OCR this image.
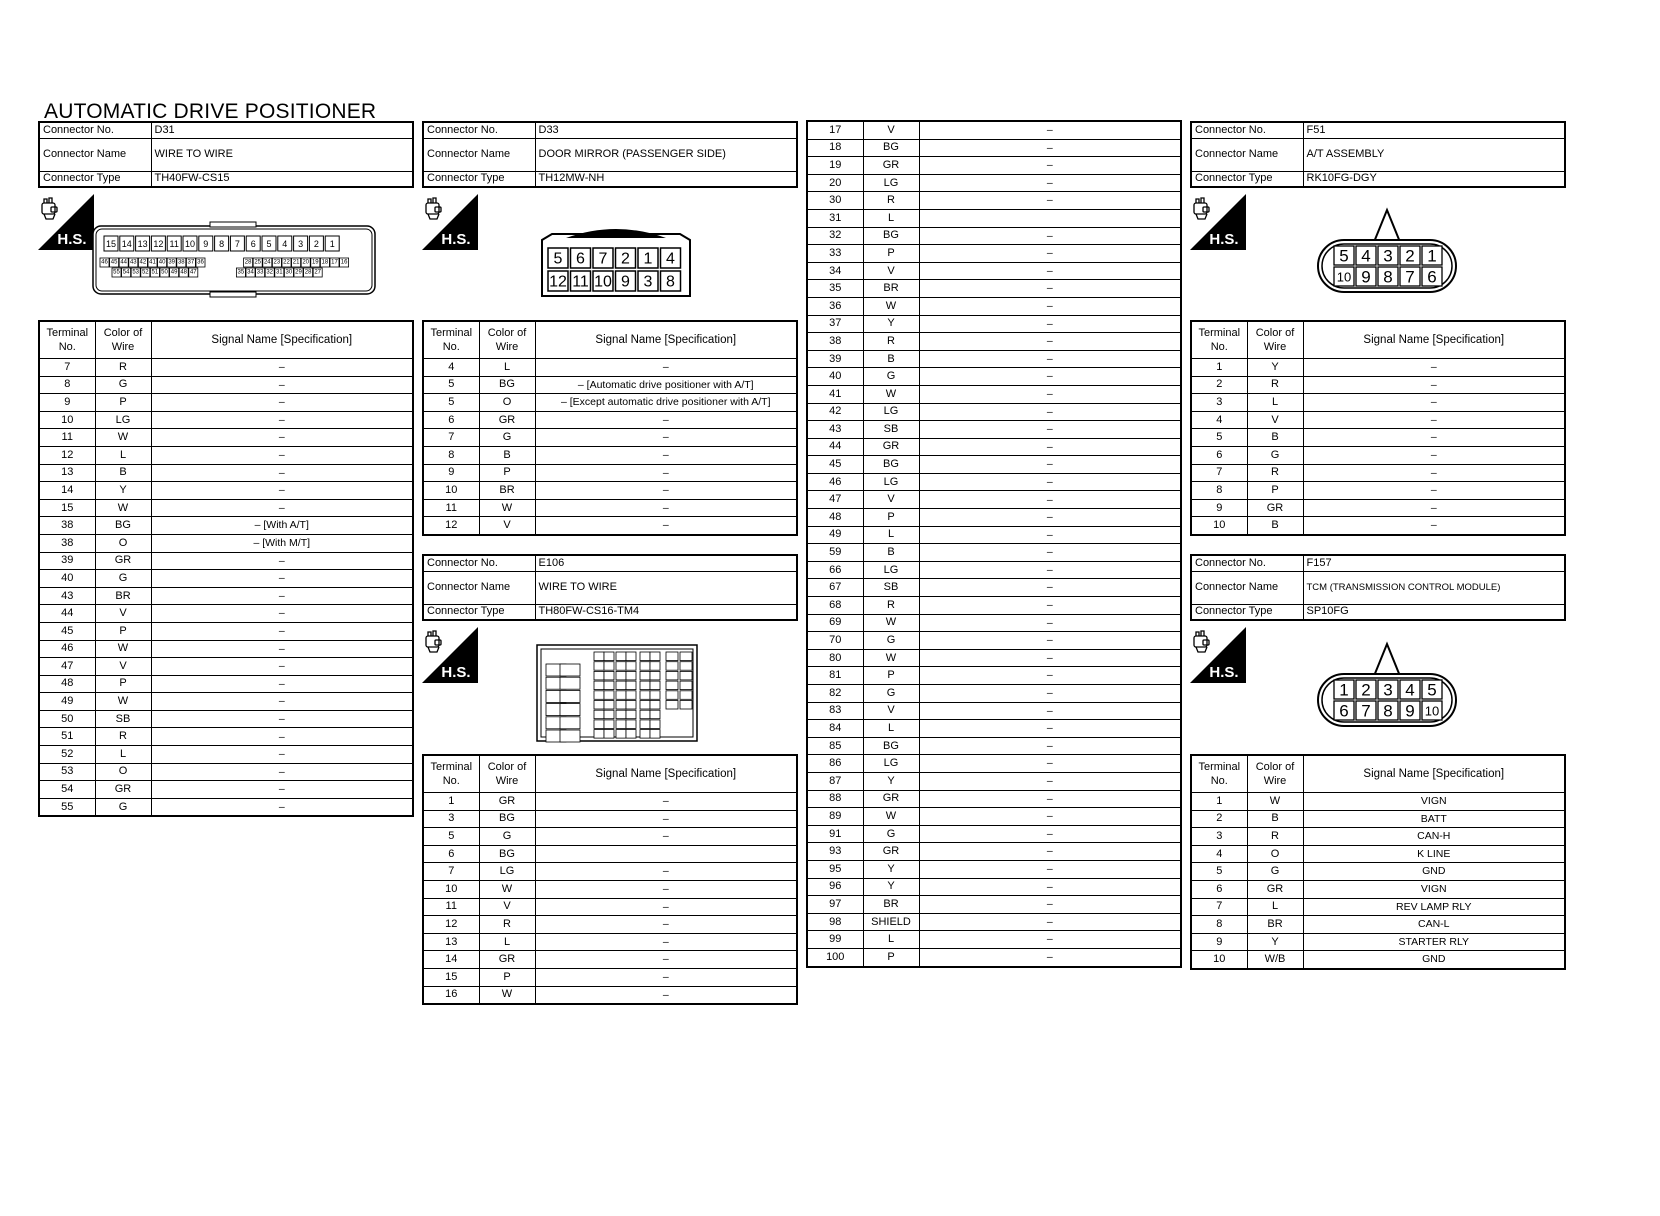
AUTOMATIC DRIVE POSITIONER
Connector No.	D31
Connector Name	WIRE TO WIRE
Connector Type	TH40FW-CS15
H.S. 15 14 13 12 11 10 9 8 7 6 5 4 3 2 1
46 45 44 43 42 41 40 39 38 37 36	28 25 24 23 22 21 20 19 18 17 16
55 54 53 52 51 50 49 48 47	35 34 33 32 31 30 29 28 27
Terminal No.	Color of Wire	Signal Name [Specification]
7	R	–
8	G	–
9	P	–
10	LG	–
11	W	–
12	L	–
13	B	–
14	Y	–
15	W	–
38	BG	– [With A/T]
38	O	– [With M/T]
39	GR	–
40	G	–
43	BR	–
44	V	–
45	P	–
46	W	–
47	V	–
48	P	–
49	W	–
50	SB	–
51	R	–
52	L	–
53	O	–
54	GR	–
55	G	–
Connector No.	D33
Connector Name	DOOR MIRROR (PASSENGER SIDE)
Connector Type	TH12MW-NH
H.S.
5 6 7 2 1 4
12 11 10 9 3 8
Terminal No.	Color of Wire	Signal Name [Specification]
4	L	–
5	BG	– [Automatic drive positioner with A/T]
5	O	– [Except automatic drive positioner with A/T]
6	GR	–
7	G	–
8	B	–
9	P	–
10	BR	–
11	W	–
12	V	–
Connector No.	E106
Connector Name	WIRE TO WIRE
Connector Type	TH80FW-CS16-TM4
H.S.
Terminal No.	Color of Wire	Signal Name [Specification]
1	GR	–
3	BG	–
5	G	–
6	BG	
7	LG	–
10	W	–
11	V	–
12	R	–
13	L	–
14	GR	–
15	P	–
16	W	–
17	V	–
18	BG	–
19	GR	–
20	LG	–
30	R	–
31	L	
32	BG	–
33	P	–
34	V	–
35	BR	–
36	W	–
37	Y	–
38	R	–
39	B	–
40	G	–
41	W	–
42	LG	–
43	SB	–
44	GR	–
45	BG	–
46	LG	–
47	V	–
48	P	–
49	L	–
59	B	–
66	LG	–
67	SB	–
68	R	–
69	W	–
70	G	–
80	W	–
81	P	–
82	G	–
83	V	–
84	L	–
85	BG	–
86	LG	–
87	Y	–
88	GR	–
89	W	–
91	G	–
93	GR	–
95	Y	–
96	Y	–
97	BR	–
98	SHIELD	–
99	L	–
100	P	–
Connector No.	F51
Connector Name	A/T ASSEMBLY
Connector Type	RK10FG-DGY
H.S.
5 4 3 2 1
10 9 8 7 6
Terminal No.	Color of Wire	Signal Name [Specification]
1	Y	–
2	R	–
3	L	–
4	V	–
5	B	–
6	G	–
7	R	–
8	P	–
9	GR	–
10	B	–
Connector No.	F157
Connector Name	TCM (TRANSMISSION CONTROL MODULE)
Connector Type	SP10FG
H.S.
1 2 3 4 5
6 7 8 9 10
Terminal No.	Color of Wire	Signal Name [Specification]
1	W	VIGN
2	B	BATT
3	R	CAN-H
4	O	K LINE
5	G	GND
6	GR	VIGN
7	L	REV LAMP RLY
8	BR	CAN-L
9	Y	STARTER RLY
10	W/B	GND
